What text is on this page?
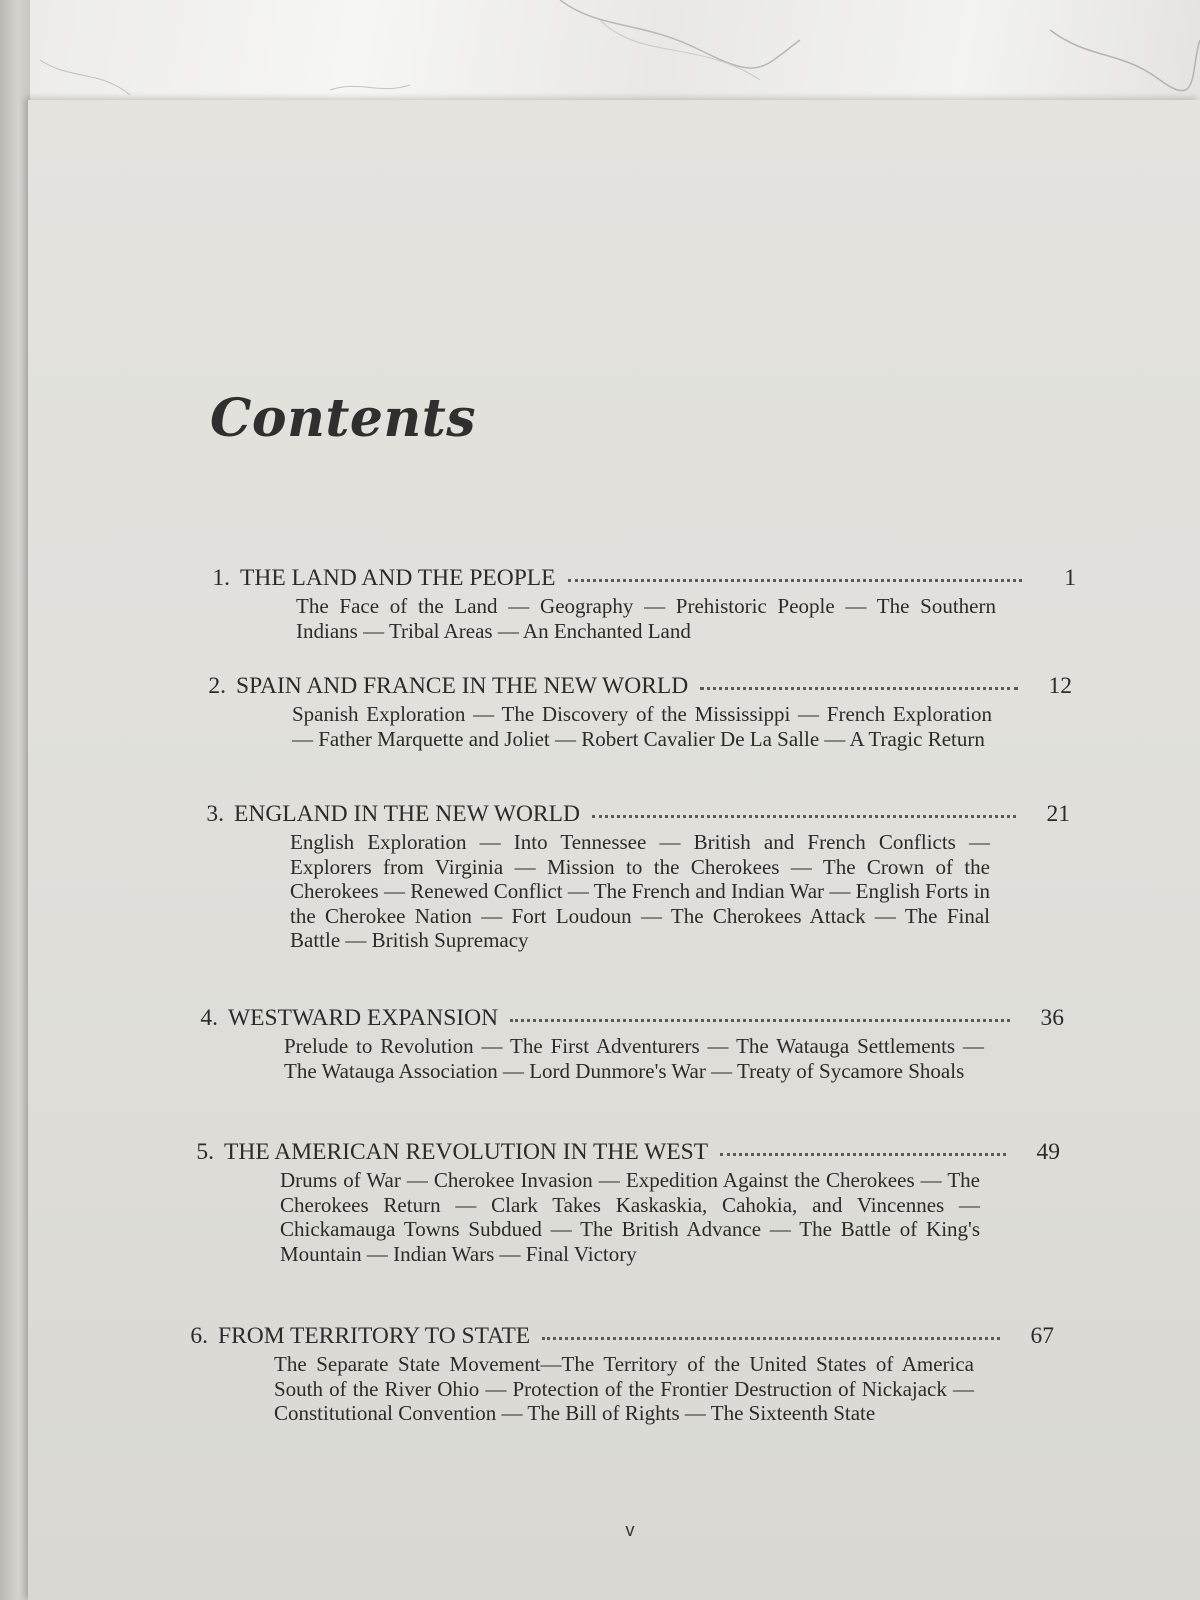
Contents
1. THE LAND AND THE PEOPLE	1
The Face of the Land — Geography — Prehistoric People — The Southern Indians — Tribal Areas — An Enchanted Land
2. SPAIN AND FRANCE IN THE NEW WORLD	12
Spanish Exploration — The Discovery of the Mississippi — French Exploration — Father Marquette and Joliet — Robert Cavalier De La Salle — A Tragic Return
3. ENGLAND IN THE NEW WORLD	21
English Exploration — Into Tennessee — British and French Conflicts — Explorers from Virginia — Mission to the Cherokees — The Crown of the Cherokees — Renewed Conflict — The French and Indian War — English Forts in the Cherokee Nation — Fort Loudoun — The Cherokees Attack — The Final Battle — British Supremacy
4. WESTWARD EXPANSION	36
Prelude to Revolution — The First Adventurers — The Watauga Settlements — The Watauga Association — Lord Dunmore's War — Treaty of Sycamore Shoals
5. THE AMERICAN REVOLUTION IN THE WEST	49
Drums of War — Cherokee Invasion — Expedition Against the Cherokees — The Cherokees Return — Clark Takes Kaskaskia, Cahokia, and Vincennes — Chickamauga Towns Subdued — The British Advance — The Battle of King's Mountain — Indian Wars — Final Victory
6. FROM TERRITORY TO STATE	67
The Separate State Movement—The Territory of the United States of America South of the River Ohio — Protection of the Frontier Destruction of Nickajack — Constitutional Convention — The Bill of Rights — The Sixteenth State
v
